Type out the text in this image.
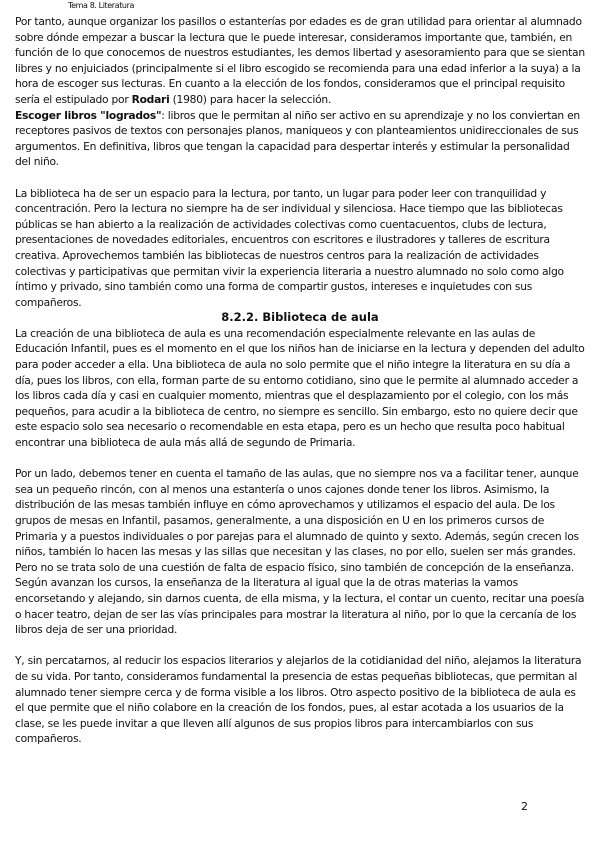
Tema 8. Literatura

Por tanto, aunque organizar los pasillos o estanterías por edades es de gran utilidad para orientar al alumnado sobre dónde empezar a buscar la lectura que le puede interesar, consideramos importante que, también, en función de lo que conocemos de nuestros estudiantes, les demos libertad y asesoramiento para que se sientan libres y no enjuiciados (principalmente si el libro escogido se recomienda para una edad inferior a la suya) a la hora de escoger sus lecturas. En cuanto a la elección de los fondos, consideramos que el principal requisito sería el estipulado por Rodari (1980) para hacer la selección.
Escoger libros "logrados": libros que le permitan al niño ser activo en su aprendizaje y no los conviertan en receptores pasivos de textos con personajes planos, maniqueos y con planteamientos unidireccionales de sus argumentos. En definitiva, libros que tengan la capacidad para despertar interés y estimular la personalidad del niño.

La biblioteca ha de ser un espacio para la lectura, por tanto, un lugar para poder leer con tranquilidad y concentración. Pero la lectura no siempre ha de ser individual y silenciosa. Hace tiempo que las bibliotecas públicas se han abierto a la realización de actividades colectivas como cuentacuentos, clubs de lectura, presentaciones de novedades editoriales, encuentros con escritores e ilustradores y talleres de escritura creativa. Aprovechemos también las bibliotecas de nuestros centros para la realización de actividades colectivas y participativas que permitan vivir la experiencia literaria a nuestro alumnado no solo como algo íntimo y privado, sino también como una forma de compartir gustos, intereses e inquietudes con sus compañeros.

8.2.2. Biblioteca de aula

La creación de una biblioteca de aula es una recomendación especialmente relevante en las aulas de Educación Infantil, pues es el momento en el que los niños han de iniciarse en la lectura y dependen del adulto para poder acceder a ella. Una biblioteca de aula no solo permite que el niño integre la literatura en su día a día, pues los libros, con ella, forman parte de su entorno cotidiano, sino que le permite al alumnado acceder a los libros cada día y casi en cualquier momento, mientras que el desplazamiento por el colegio, con los más pequeños, para acudir a la biblioteca de centro, no siempre es sencillo. Sin embargo, esto no quiere decir que este espacio solo sea necesario o recomendable en esta etapa, pero es un hecho que resulta poco habitual encontrar una biblioteca de aula más allá de segundo de Primaria.

Por un lado, debemos tener en cuenta el tamaño de las aulas, que no siempre nos va a facilitar tener, aunque sea un pequeño rincón, con al menos una estantería o unos cajones donde tener los libros. Asimismo, la distribución de las mesas también influye en cómo aprovechamos y utilizamos el espacio del aula. De los grupos de mesas en Infantil, pasamos, generalmente, a una disposición en U en los primeros cursos de Primaria y a puestos individuales o por parejas para el alumnado de quinto y sexto. Además, según crecen los niños, también lo hacen las mesas y las sillas que necesitan y las clases, no por ello, suelen ser más grandes. Pero no se trata solo de una cuestión de falta de espacio físico, sino también de concepción de la enseñanza. Según avanzan los cursos, la enseñanza de la literatura al igual que la de otras materias la vamos encorsetando y alejando, sin darnos cuenta, de ella misma, y la lectura, el contar un cuento, recitar una poesía o hacer teatro, dejan de ser las vías principales para mostrar la literatura al niño, por lo que la cercanía de los libros deja de ser una prioridad.

Y, sin percatarnos, al reducir los espacios literarios y alejarlos de la cotidianidad del niño, alejamos la literatura de su vida. Por tanto, consideramos fundamental la presencia de estas pequeñas bibliotecas, que permitan al alumnado tener siempre cerca y de forma visible a los libros. Otro aspecto positivo de la biblioteca de aula es el que permite que el niño colabore en la creación de los fondos, pues, al estar acotada a los usuarios de la clase, se les puede invitar a que lleven allí algunos de sus propios libros para intercambiarlos con sus compañeros.

2
